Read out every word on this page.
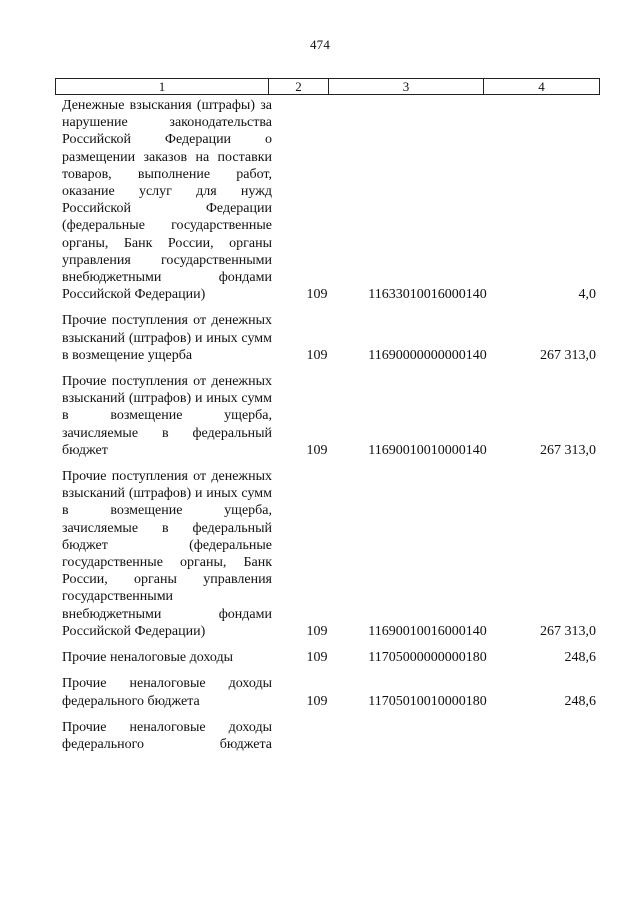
474
1	2	3	4
Денежные взыскания (штрафы) за нарушение законодательства Российской Федерации о размещении заказов на поставки товаров, выполнение работ, оказание услуг для нужд Российской Федерации (федеральные государственные органы, Банк России, органы управления государственными внебюджетными фондами Российской Федерации)	109	11633010016000140	4,0
Прочие поступления от денежных взысканий (штрафов) и иных сумм в возмещение ущерба	109	11690000000000140	267 313,0
Прочие поступления от денежных взысканий (штрафов) и иных сумм в возмещение ущерба, зачисляемые в федеральный бюджет	109	11690010010000140	267 313,0
Прочие поступления от денежных взысканий (штрафов) и иных сумм в возмещение ущерба, зачисляемые в федеральный бюджет (федеральные государственные органы, Банк России, органы управления государственными внебюджетными фондами Российской Федерации)	109	11690010016000140	267 313,0
Прочие неналоговые доходы	109	11705000000000180	248,6
Прочие неналоговые доходы федерального бюджета	109	11705010010000180	248,6
Прочие неналоговые доходы федерального бюджета
